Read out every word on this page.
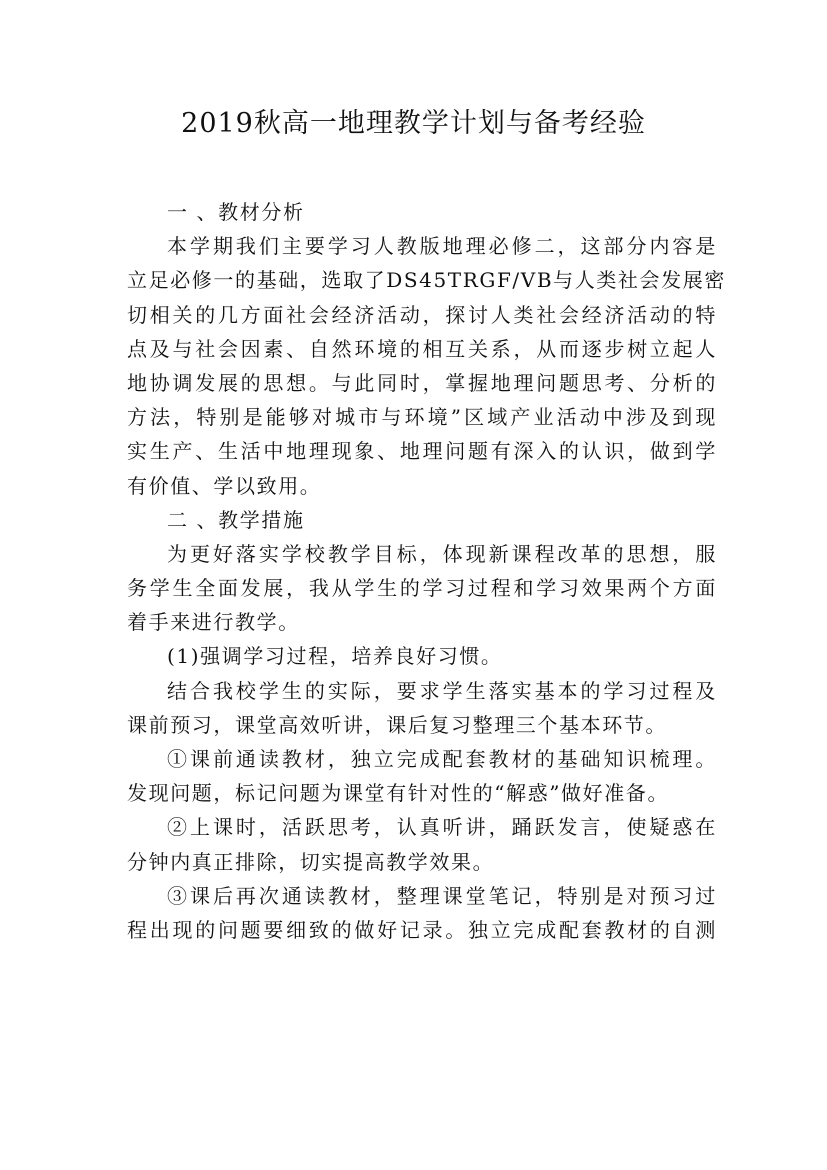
2019秋高一地理教学计划与备考经验
一 、教材分析
本学期我们主要学习人教版地理必修二，这部分内容是
立足必修一的基础，选取了DS45TRGF/VB与人类社会发展密
切相关的几方面社会经济活动，探讨人类社会经济活动的特
点及与社会因素、自然环境的相互关系，从而逐步树立起人
地协调发展的思想。与此同时，掌握地理问题思考、分析的
方法，特别是能够对城市与环境”区域产业活动中涉及到现
实生产、生活中地理现象、地理问题有深入的认识，做到学
有价值、学以致用。
二 、教学措施
为更好落实学校教学目标，体现新课程改革的思想，服
务学生全面发展，我从学生的学习过程和学习效果两个方面
着手来进行教学。
(1)强调学习过程，培养良好习惯。
结合我校学生的实际，要求学生落实基本的学习过程及
课前预习，课堂高效听讲，课后复习整理三个基本环节。
①课前通读教材，独立完成配套教材的基础知识梳理。
发现问题，标记问题为课堂有针对性的“解惑”做好准备。
②上课时，活跃思考，认真听讲，踊跃发言，使疑惑在
分钟内真正排除，切实提高教学效果。
③课后再次通读教材，整理课堂笔记，特别是对预习过
程出现的问题要细致的做好记录。独立完成配套教材的自测
